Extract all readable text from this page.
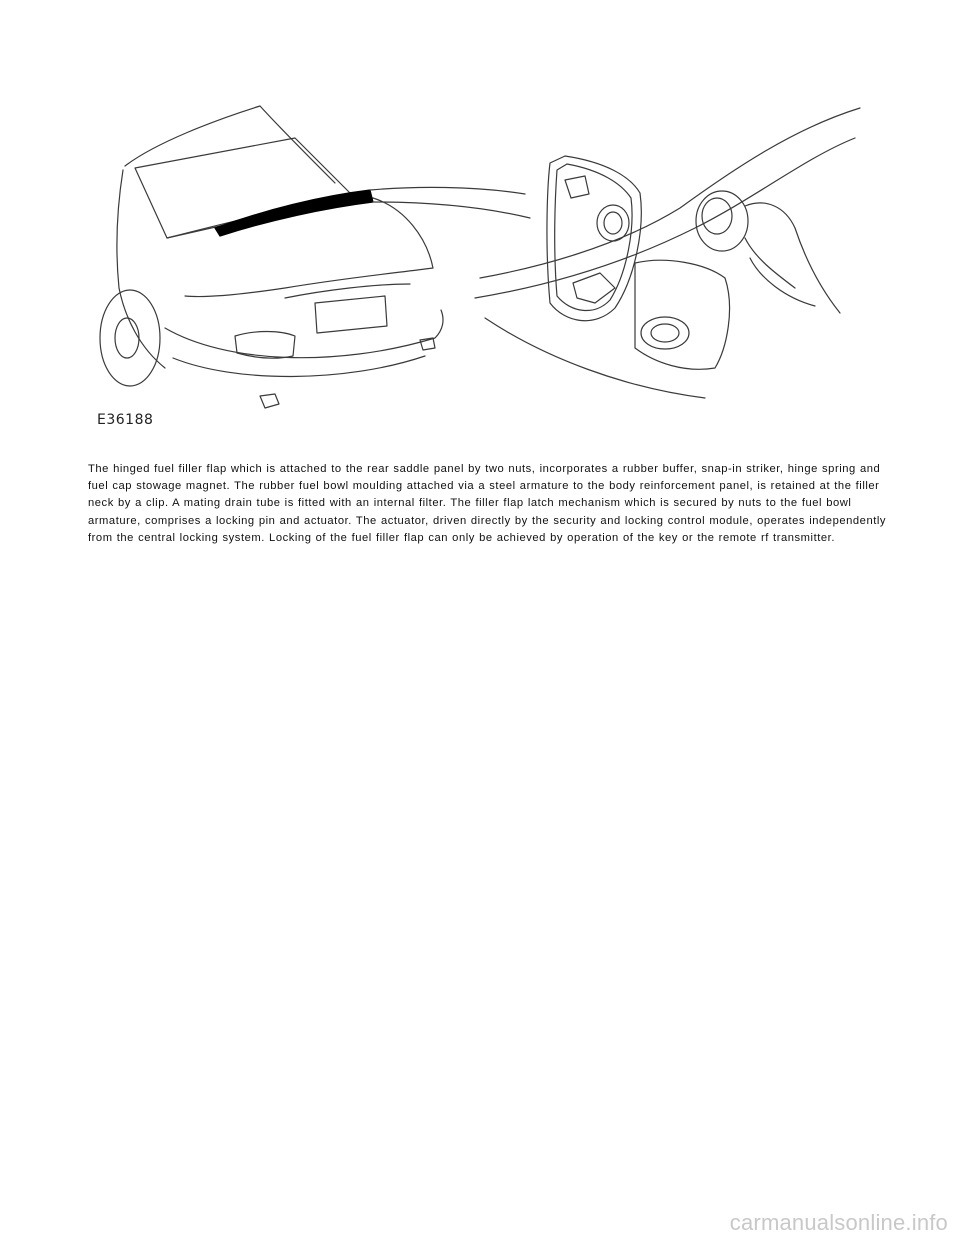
E36188

The hinged fuel filler flap which is attached to the rear saddle panel by two nuts, incorporates a rubber buffer, snap-in striker, hinge spring and fuel cap stowage magnet. The rubber fuel bowl moulding attached via a steel armature to the body reinforcement panel, is retained at the filler neck by a clip. A mating drain tube is fitted with an internal filter. The filler flap latch mechanism which is secured by nuts to the fuel bowl armature, comprises a locking pin and actuator. The actuator, driven directly by the security and locking control module, operates independently from the central locking system. Locking of the fuel filler flap can only be achieved by operation of the key or the remote rf transmitter.

carmanualsonline.info
